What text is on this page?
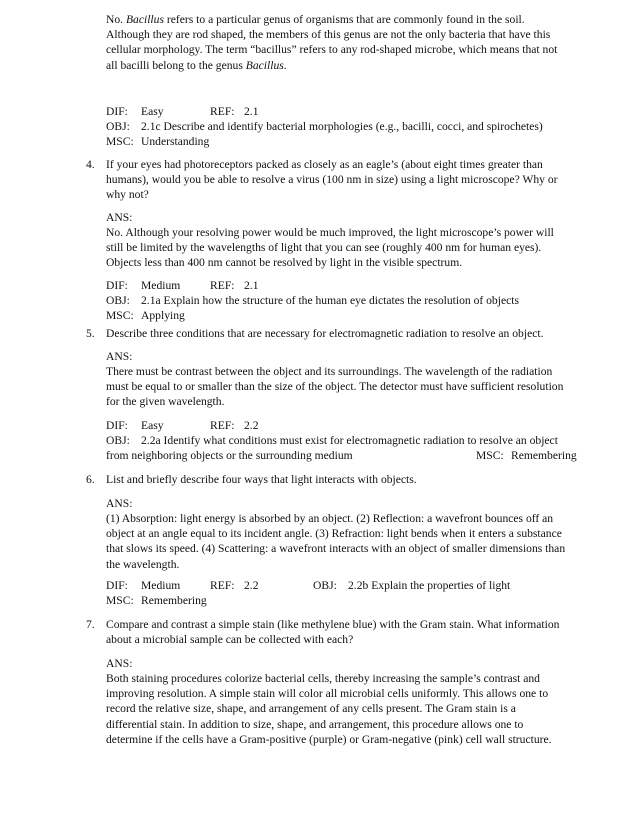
No. Bacillus refers to a particular genus of organisms that are commonly found in the soil. Although they are rod shaped, the members of this genus are not the only bacteria that have this cellular morphology. The term “bacillus” refers to any rod-shaped microbe, which means that not all bacilli belong to the genus Bacillus.

DIF: Easy	REF: 2.1
OBJ: 2.1c Describe and identify bacterial morphologies (e.g., bacilli, cocci, and spirochetes)
MSC: Understanding
4. If your eyes had photoreceptors packed as closely as an eagle’s (about eight times greater than humans), would you be able to resolve a virus (100 nm in size) using a light microscope? Why or why not?

ANS:

No. Although your resolving power would be much improved, the light microscope’s power will still be limited by the wavelengths of light that you can see (roughly 400 nm for human eyes). Objects less than 400 nm cannot be resolved by light in the visible spectrum.

DIF: Medium	REF: 2.1
OBJ: 2.1a Explain how the structure of the human eye dictates the resolution of objects
MSC: Applying
5. Describe three conditions that are necessary for electromagnetic radiation to resolve an object.

ANS:

There must be contrast between the object and its surroundings. The wavelength of the radiation must be equal to or smaller than the size of the object. The detector must have sufficient resolution for the given wavelength.

DIF: Easy	REF: 2.2
OBJ: 2.2a Identify what conditions must exist for electromagnetic radiation to resolve an object
from neighboring objects or the surrounding medium	MSC: Remembering
6. List and briefly describe four ways that light interacts with objects.

ANS:

(1) Absorption: light energy is absorbed by an object. (2) Reflection: a wavefront bounces off an object at an angle equal to its incident angle. (3) Refraction: light bends when it enters a substance that slows its speed. (4) Scattering: a wavefront interacts with an object of smaller dimensions than the wavelength.

DIF: Medium	REF: 2.2	OBJ: 2.2b Explain the properties of light
MSC: Remembering
7. Compare and contrast a simple stain (like methylene blue) with the Gram stain. What information about a microbial sample can be collected with each?

ANS:

Both staining procedures colorize bacterial cells, thereby increasing the sample’s contrast and improving resolution. A simple stain will color all microbial cells uniformly. This allows one to record the relative size, shape, and arrangement of any cells present. The Gram stain is a differential stain. In addition to size, shape, and arrangement, this procedure allows one to determine if the cells have a Gram-positive (purple) or Gram-negative (pink) cell wall structure.
